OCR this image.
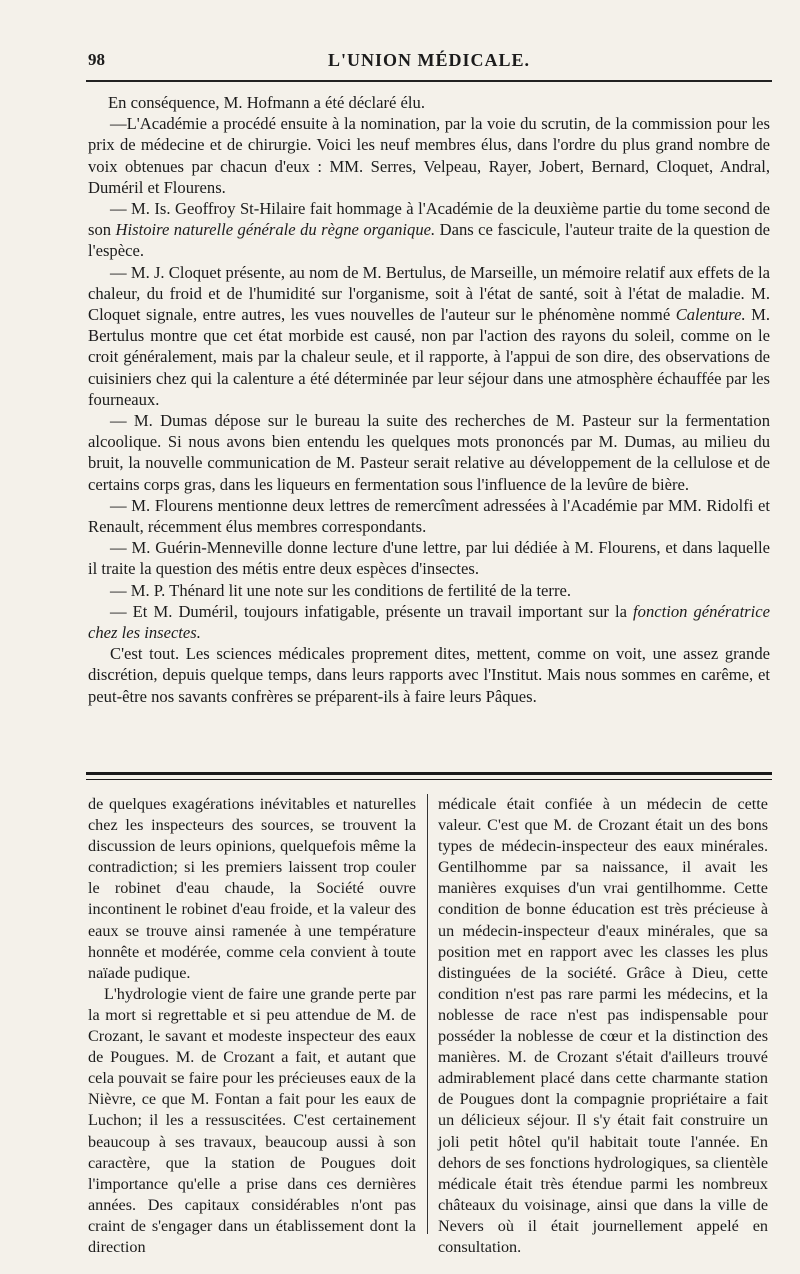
98	L'UNION MÉDICALE.

En conséquence, M. Hofmann a été déclaré élu.

—L'Académie a procédé ensuite à la nomination, par la voie du scrutin, de la commission pour les prix de médecine et de chirurgie. Voici les neuf membres élus, dans l'ordre du plus grand nombre de voix obtenues par chacun d'eux : MM. Serres, Velpeau, Rayer, Jobert, Bernard, Cloquet, Andral, Duméril et Flourens.

— M. Is. Geoffroy St-Hilaire fait hommage à l'Académie de la deuxième partie du tome second de son Histoire naturelle générale du règne organique. Dans ce fascicule, l'auteur traite de la question de l'espèce.

— M. J. Cloquet présente, au nom de M. Bertulus, de Marseille, un mémoire relatif aux effets de la chaleur, du froid et de l'humidité sur l'organisme, soit à l'état de santé, soit à l'état de maladie. M. Cloquet signale, entre autres, les vues nouvelles de l'auteur sur le phénomène nommé Calenture. M. Bertulus montre que cet état morbide est causé, non par l'action des rayons du soleil, comme on le croit généralement, mais par la chaleur seule, et il rapporte, à l'appui de son dire, des observations de cuisiniers chez qui la calenture a été déterminée par leur séjour dans une atmosphère échauffée par les fourneaux.

— M. Dumas dépose sur le bureau la suite des recherches de M. Pasteur sur la fermentation alcoolique. Si nous avons bien entendu les quelques mots prononcés par M. Dumas, au milieu du bruit, la nouvelle communication de M. Pasteur serait relative au développement de la cellulose et de certains corps gras, dans les liqueurs en fermentation sous l'influence de la levûre de bière.

— M. Flourens mentionne deux lettres de remercîment adressées à l'Académie par MM. Ridolfi et Renault, récemment élus membres correspondants.

— M. Guérin-Menneville donne lecture d'une lettre, par lui dédiée à M. Flourens, et dans laquelle il traite la question des métis entre deux espèces d'insectes.

— M. P. Thénard lit une note sur les conditions de fertilité de la terre.

— Et M. Duméril, toujours infatigable, présente un travail important sur la fonction génératrice chez les insectes.

C'est tout. Les sciences médicales proprement dites, mettent, comme on voit, une assez grande discrétion, depuis quelque temps, dans leurs rapports avec l'Institut. Mais nous sommes en carême, et peut-être nos savants confrères se préparent-ils à faire leurs Pâques.

de quelques exagérations inévitables et naturelles chez les inspecteurs des sources, se trouvent la discussion de leurs opinions, quelquefois même la contradiction; si les premiers laissent trop couler le robinet d'eau chaude, la Société ouvre incontinent le robinet d'eau froide, et la valeur des eaux se trouve ainsi ramenée à une température honnête et modérée, comme cela convient à toute naïade pudique.

L'hydrologie vient de faire une grande perte par la mort si regrettable et si peu attendue de M. de Crozant, le savant et modeste inspecteur des eaux de Pougues. M. de Crozant a fait, et autant que cela pouvait se faire pour les précieuses eaux de la Nièvre, ce que M. Fontan a fait pour les eaux de Luchon; il les a ressuscitées. C'est certainement beaucoup à ses travaux, beaucoup aussi à son caractère, que la station de Pougues doit l'importance qu'elle a prise dans ces dernières années. Des capitaux considérables n'ont pas craint de s'engager dans un établissement dont la direction

médicale était confiée à un médecin de cette valeur. C'est que M. de Crozant était un des bons types de médecin-inspecteur des eaux minérales. Gentilhomme par sa naissance, il avait les manières exquises d'un vrai gentilhomme. Cette condition de bonne éducation est très précieuse à un médecin-inspecteur d'eaux minérales, que sa position met en rapport avec les classes les plus distinguées de la société. Grâce à Dieu, cette condition n'est pas rare parmi les médecins, et la noblesse de race n'est pas indispensable pour posséder la noblesse de cœur et la distinction des manières. M. de Crozant s'était d'ailleurs trouvé admirablement placé dans cette charmante station de Pougues dont la compagnie propriétaire a fait un délicieux séjour. Il s'y était fait construire un joli petit hôtel qu'il habitait toute l'année. En dehors de ses fonctions hydrologiques, sa clientèle médicale était très étendue parmi les nombreux châteaux du voisinage, ainsi que dans la ville de Nevers où il était journellement appelé en consultation.
